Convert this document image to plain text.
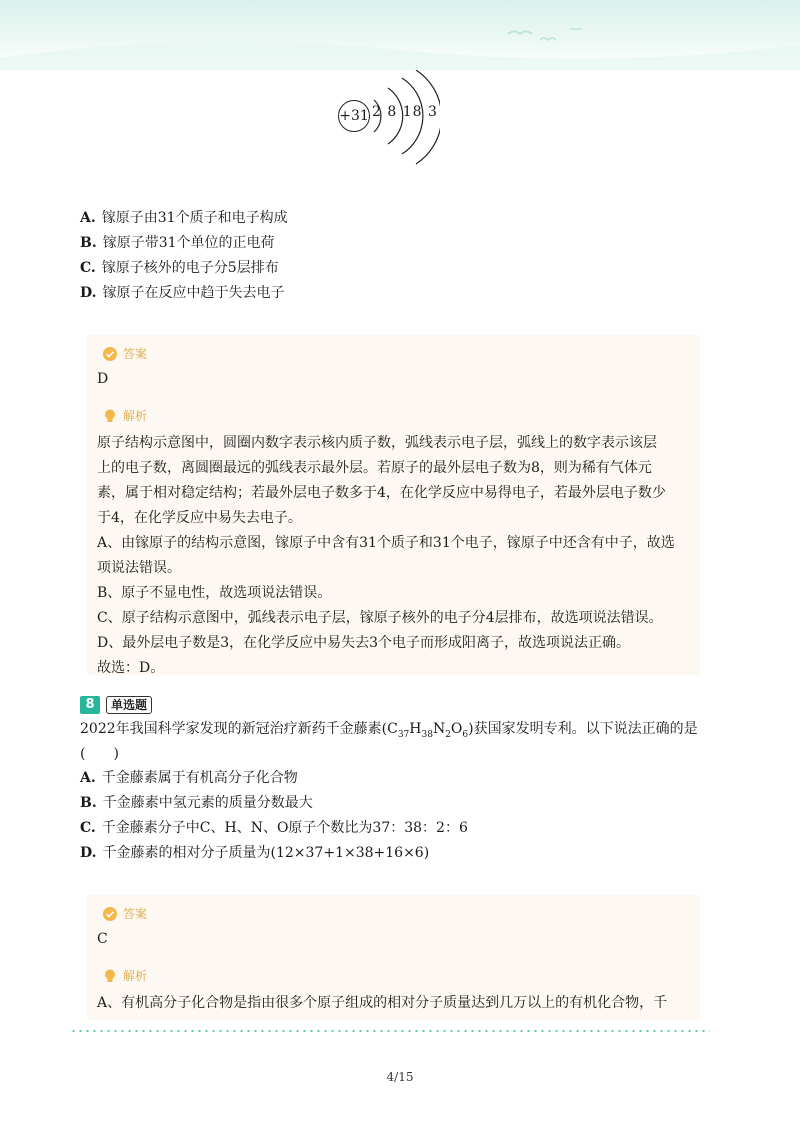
+31 2 8 18 3
A. 镓原子由31个质子和电子构成
B. 镓原子带31个单位的正电荷
C. 镓原子核外的电子分5层排布
D. 镓原子在反应中趋于失去电子
答案
D
解析
原子结构示意图中，圆圈内数字表示核内质子数，弧线表示电子层，弧线上的数字表示该层
上的电子数，离圆圈最远的弧线表示最外层。若原子的最外层电子数为8，则为稀有气体元
素，属于相对稳定结构；若最外层电子数多于4，在化学反应中易得电子，若最外层电子数少
于4，在化学反应中易失去电子。
A、由镓原子的结构示意图，镓原子中含有31个质子和31个电子，镓原子中还含有中子，故选
项说法错误。
B、原子不显电性，故选项说法错误。
C、原子结构示意图中，弧线表示电子层，镓原子核外的电子分4层排布，故选项说法错误。
D、最外层电子数是3，在化学反应中易失去3个电子而形成阳离子，故选项说法正确。
故选：D。
8	单选题
2022年我国科学家发现的新冠治疗新药千金藤素$(C_{37}H_{38}N_2O_6)$获国家发明专利。以下说法正确的是
(　　)
A. 千金藤素属于有机高分子化合物
B. 千金藤素中氢元素的质量分数最大
C. 千金藤素分子中C、H、N、O原子个数比为37：38：2：6
D. 千金藤素的相对分子质量为(12×37+1×38+16×6)
答案
C
解析
A、有机高分子化合物是指由很多个原子组成的相对分子质量达到几万以上的有机化合物，千
4/15
